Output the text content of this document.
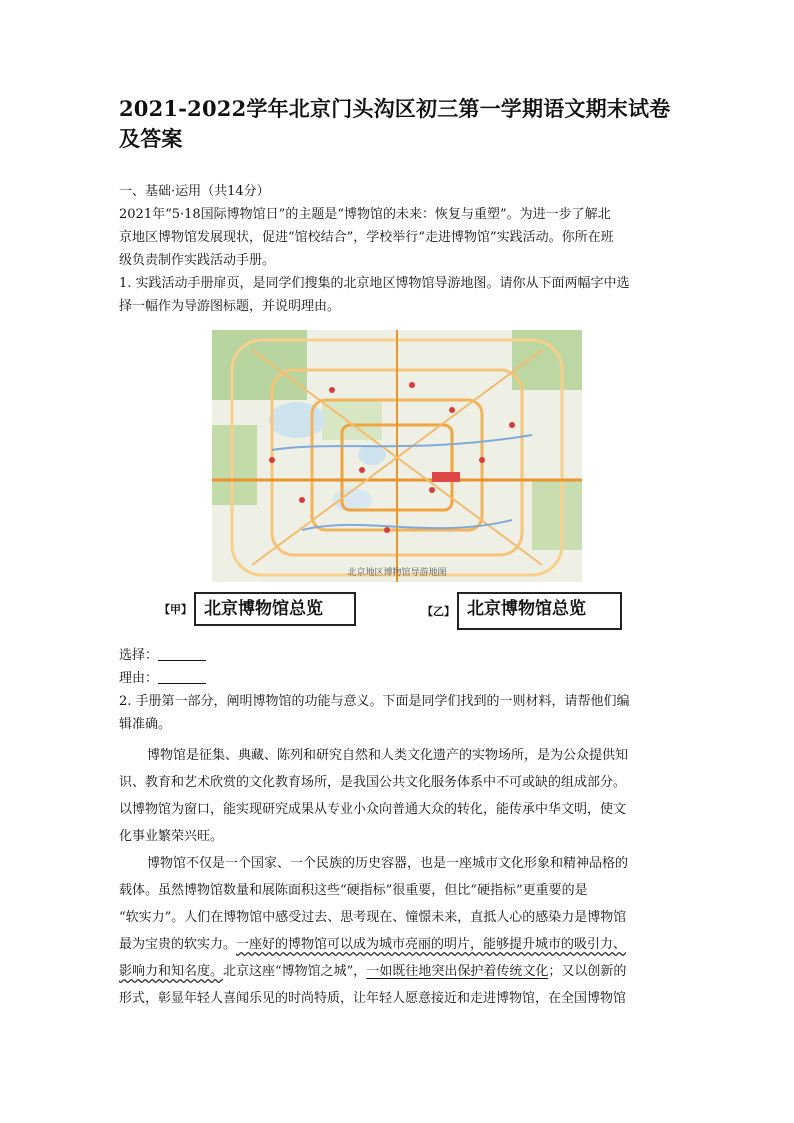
2021-2022学年北京门头沟区初三第一学期语文期末试卷及答案

一、基础·运用（共14分）

2021年“5·18国际博物馆日”的主题是“博物馆的未来：恢复与重塑”。为进一步了解北

京地区博物馆发展现状，促进“馆校结合”，学校举行“走进博物馆”实践活动。你所在班

级负责制作实践活动手册。

1. 实践活动手册扉页，是同学们搜集的北京地区博物馆导游地图。请你从下面两幅字中选

择一幅作为导游图标题，并说明理由。

北京地区博物馆导游地图
【甲】 北京博物馆总览	【乙】 北京博物馆总览

选择：

理由：

2. 手册第一部分，阐明博物馆的功能与意义。下面是同学们找到的一则材料，请帮他们编

辑准确。

博物馆是征集、典藏、陈列和研究自然和人类文化遗产的实物场所，是为公众提供知

识、教育和艺术欣赏的文化教育场所，是我国公共文化服务体系中不可或缺的组成部分。

以博物馆为窗口，能实现研究成果从专业小众向普通大众的转化，能传承中华文明，使文

化事业繁荣兴旺。

博物馆不仅是一个国家、一个民族的历史容器，也是一座城市文化形象和精神品格的

载体。虽然博物馆数量和展陈面积这些“硬指标”很重要，但比“硬指标”更重要的是

“软实力”。人们在博物馆中感受过去、思考现在、憧憬未来，直抵人心的感染力是博物馆

最为宝贵的软实力。一座好的博物馆可以成为城市亮丽的明片，能够提升城市的吸引力、

影响力和知名度。北京这座“博物馆之城”，一如既往地突出保护着传统文化；又以创新的

形式，彰显年轻人喜闻乐见的时尚特质，让年轻人愿意接近和走进博物馆，在全国博物馆
